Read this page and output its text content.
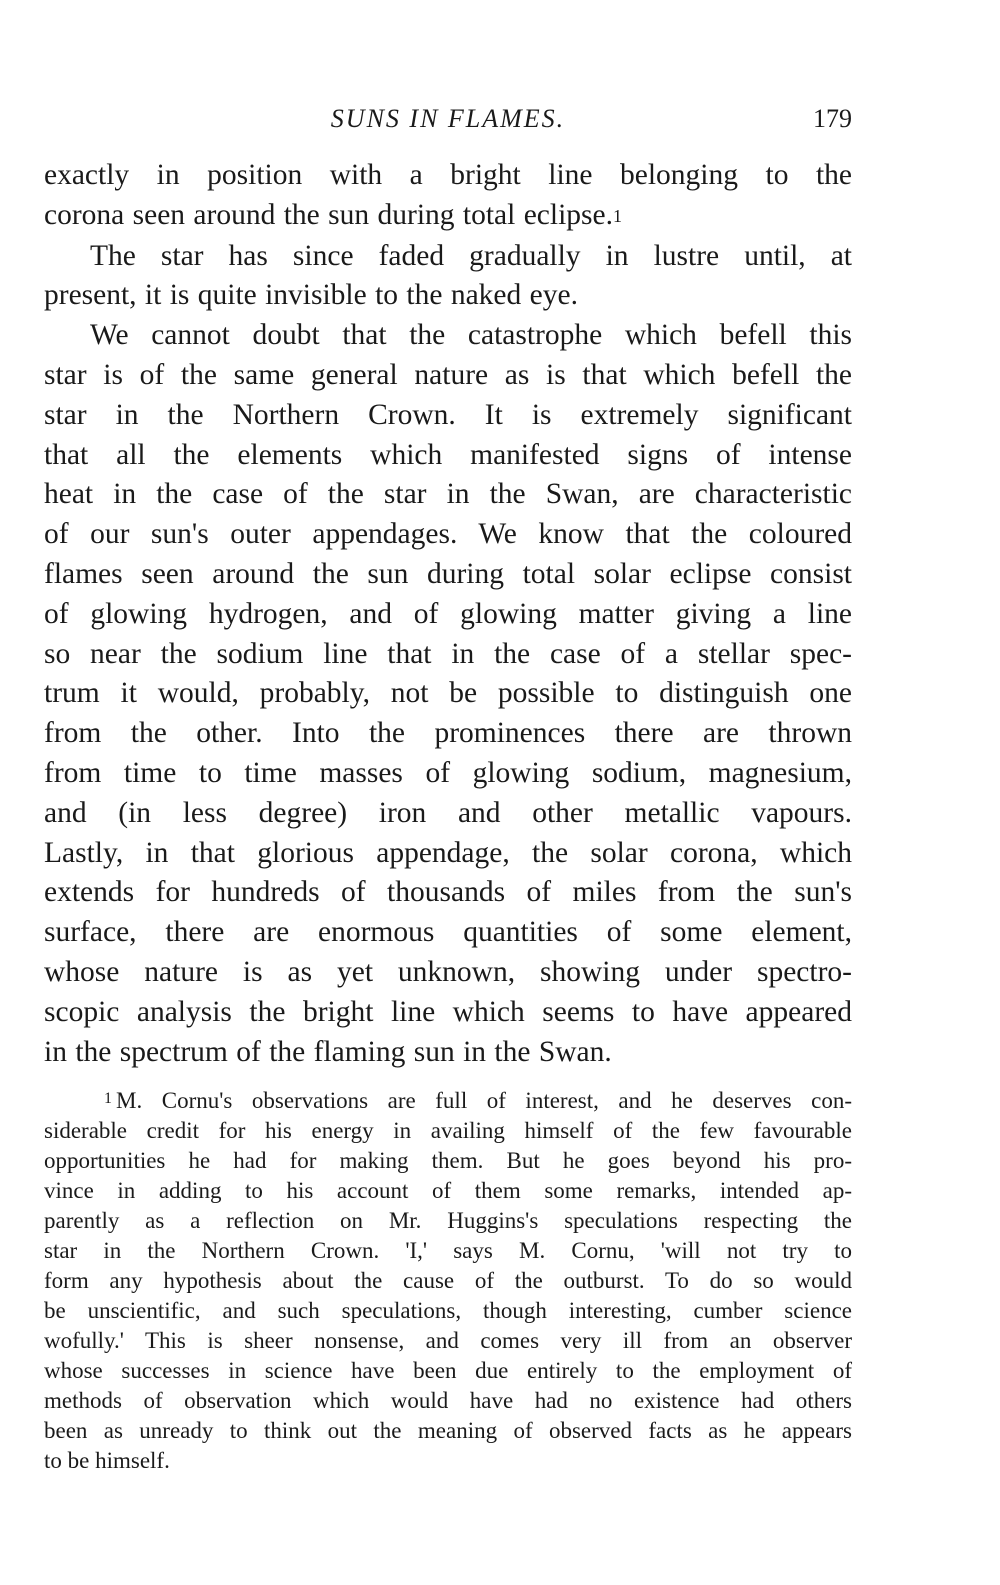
SUNS IN FLAMES.	179

exactly in position with a bright line belonging to the

corona seen around the sun during total eclipse.1

The star has since faded gradually in lustre until, at

present, it is quite invisible to the naked eye.

We cannot doubt that the catastrophe which befell this

star is of the same general nature as is that which befell the

star in the Northern Crown. It is extremely significant

that all the elements which manifested signs of intense

heat in the case of the star in the Swan, are characteristic

of our sun's outer appendages. We know that the coloured

flames seen around the sun during total solar eclipse consist

of glowing hydrogen, and of glowing matter giving a line

so near the sodium line that in the case of a stellar spec-

trum it would, probably, not be possible to distinguish one

from the other. Into the prominences there are thrown

from time to time masses of glowing sodium, magnesium,

and (in less degree) iron and other metallic vapours.

Lastly, in that glorious appendage, the solar corona, which

extends for hundreds of thousands of miles from the sun's

surface, there are enormous quantities of some element,

whose nature is as yet unknown, showing under spectro-

scopic analysis the bright line which seems to have appeared

in the spectrum of the flaming sun in the Swan.

$^1$ M. Cornu's observations are full of interest, and he deserves con-

siderable credit for his energy in availing himself of the few favourable

opportunities he had for making them. But he goes beyond his pro-

vince in adding to his account of them some remarks, intended ap-

parently as a reflection on Mr. Huggins's speculations respecting the

star in the Northern Crown. 'I,' says M. Cornu, 'will not try to

form any hypothesis about the cause of the outburst. To do so would

be unscientific, and such speculations, though interesting, cumber science

wofully.' This is sheer nonsense, and comes very ill from an observer

whose successes in science have been due entirely to the employment of

methods of observation which would have had no existence had others

been as unready to think out the meaning of observed facts as he appears

to be himself.
